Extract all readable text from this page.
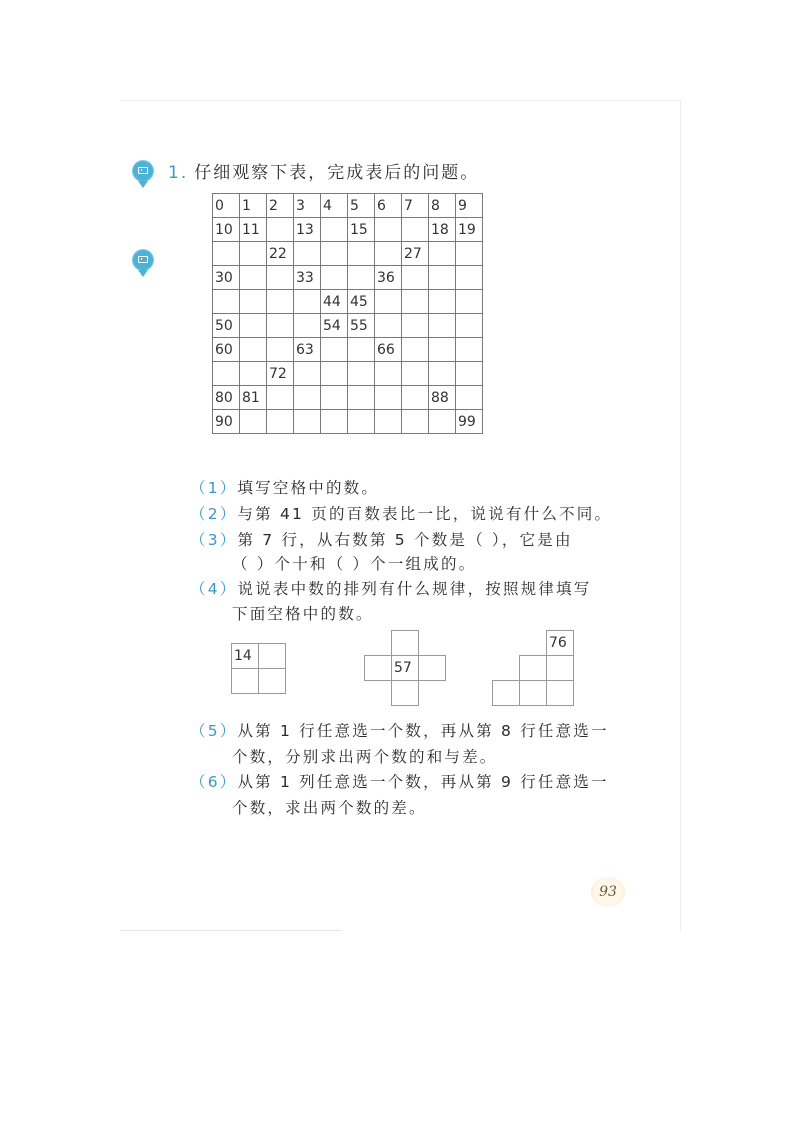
1. 仔细观察下表，完成表后的问题。
0	1	2	3	4	5	6	7	8	9
10	11		13		15			18	19
		22					27		
30			33			36			
				44	45				
50				54	55				
60			63			66			
		72							
80	81							88	
90									99
（1）填写空格中的数。
（2）与第 41 页的百数表比一比，说说有什么不同。
（3）第 7 行，从右数第 5 个数是（ ），它是由
（ ）个十和（ ）个一组成的。
（4）说说表中数的排列有什么规律，按照规律填写
下面空格中的数。
14	

	57	

		76

（5）从第 1 行任意选一个数，再从第 8 行任意选一
个数，分别求出两个数的和与差。
（6）从第 1 列任意选一个数，再从第 9 行任意选一
个数，求出两个数的差。
93
